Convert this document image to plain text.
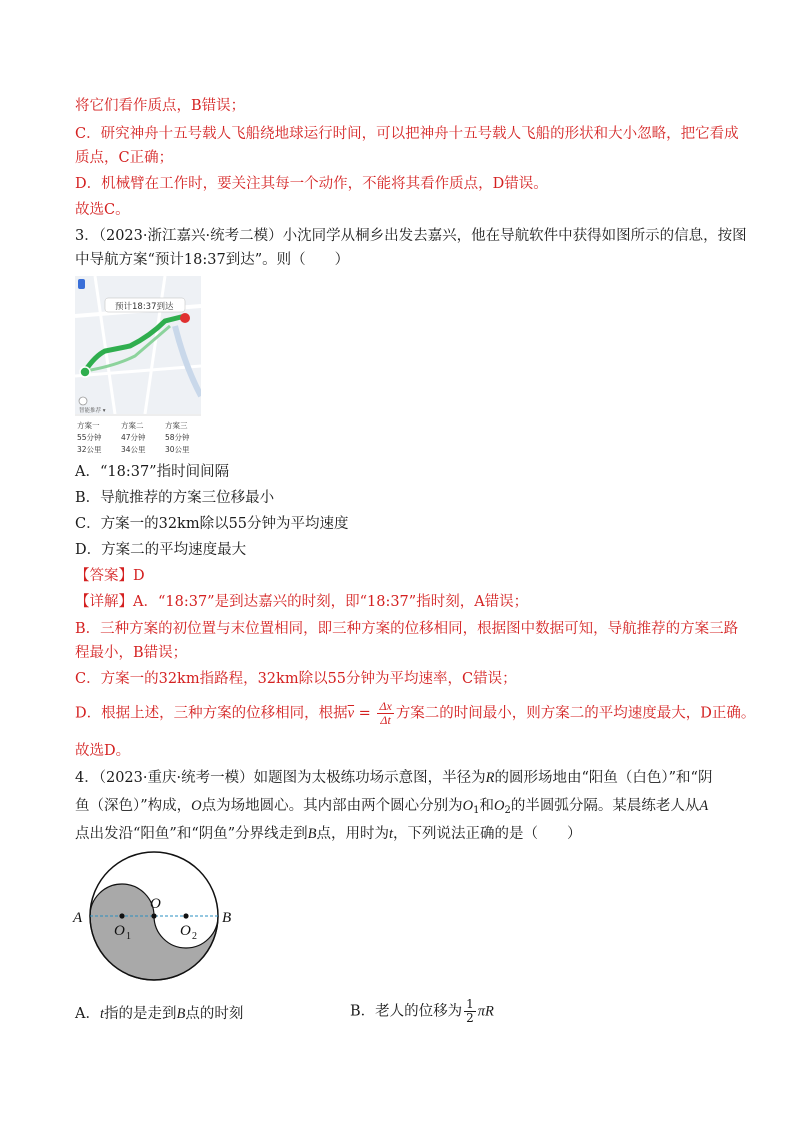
将它们看作质点，B错误；
C．研究神舟十五号载人飞船绕地球运行时间，可以把神舟十五号载人飞船的形状和大小忽略，把它看成
质点，C正确；
D．机械臂在工作时，要关注其每一个动作，不能将其看作质点，D错误。
故选C。
3．（2023·浙江嘉兴·统考二模）小沈同学从桐乡出发去嘉兴，他在导航软件中获得如图所示的信息，按图
中导航方案“预计18:37到达”。则（　　）
预计18:37到达
智能推荐 ▾
方案一
55分钟
32公里
方案二
47分钟
34公里
方案三
58分钟
30公里
A．“18:37”指时间间隔
B．导航推荐的方案三位移最小
C．方案一的32km除以55分钟为平均速度
D．方案二的平均速度最大
【答案】D
【详解】A．“18:37”是到达嘉兴的时刻，即“18:37”指时刻，A错误；
B．三种方案的初位置与末位置相同，即三种方案的位移相同，根据图中数据可知，导航推荐的方案三路
程最小，B错误；
C．方案一的32km指路程，32km除以55分钟为平均速率，C错误；
D．根据上述，三种方案的位移相同，根据$\overline{v} = \frac{\Delta x}{\Delta t}$ 方案二的时间最小，则方案二的平均速度最大，D正确。
故选D。
4．（2023·重庆·统考一模）如题图为太极练功场示意图，半径为R的圆形场地由“阳鱼（白色）”和“阴
鱼（深色）”构成，O点为场地圆心。其内部由两个圆心分别为$O_1$和$O_2$的半圆弧分隔。某晨练老人从A
点出发沿“阳鱼”和“阴鱼”分界线走到B点，用时为t，下列说法正确的是（　　）
A	B
O
O 1	O 2
A．t指的是走到B点的时刻	B．老人的位移为 $\frac{1}{2}$ πR
